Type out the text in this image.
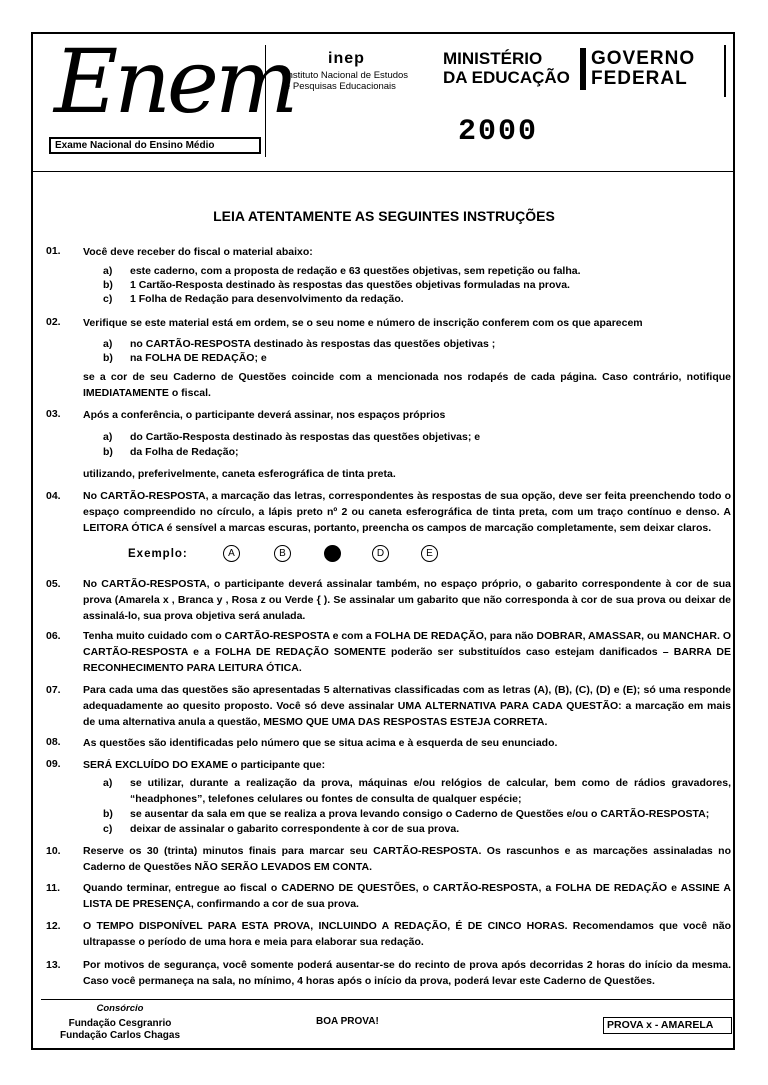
Enem
Exame Nacional do Ensino Médio
inep
Instituto Nacional de Estudos
e Pesquisas Educacionais
MINISTÉRIO
DA EDUCAÇÃO
GOVERNO
FEDERAL
2000
LEIA ATENTAMENTE AS SEGUINTES INSTRUÇÕES
01. Você deve receber do fiscal o material abaixo:
a) este caderno, com a proposta de redação e 63 questões objetivas, sem repetição ou falha.
b) 1 Cartão-Resposta destinado às respostas das questões objetivas formuladas na prova.
c) 1 Folha de Redação para desenvolvimento da redação.
02. Verifique se este material está em ordem, se o seu nome e número de inscrição conferem com os que aparecem
a) no CARTÃO-RESPOSTA destinado às respostas das questões objetivas ;
b) na FOLHA DE REDAÇÃO; e
se a cor de seu Caderno de Questões coincide com a mencionada nos rodapés de cada página. Caso contrário, notifique IMEDIATAMENTE o fiscal.
03. Após a conferência, o participante deverá assinar, nos espaços próprios
a) do Cartão-Resposta destinado às respostas das questões objetivas; e
b) da Folha de Redação;
utilizando, preferivelmente, caneta esferográfica de tinta preta.
04. No CARTÃO-RESPOSTA, a marcação das letras, correspondentes às respostas de sua opção, deve ser feita preenchendo todo o espaço compreendido no círculo, a lápis preto nº 2 ou caneta esferográfica de tinta preta, com um traço contínuo e denso. A LEITORA ÓTICA é sensível a marcas escuras, portanto, preencha os campos de marcação completamente, sem deixar claros.
Exemplo:	A	B	D	E
05. No CARTÃO-RESPOSTA, o participante deverá assinalar também, no espaço próprio, o gabarito correspondente à cor de sua prova (Amarela x , Branca y , Rosa z ou Verde { ). Se assinalar um gabarito que não corresponda à cor de sua prova ou deixar de assinalá-lo, sua prova objetiva será anulada.
06. Tenha muito cuidado com o CARTÃO-RESPOSTA e com a FOLHA DE REDAÇÃO, para não DOBRAR, AMASSAR, ou MANCHAR. O CARTÃO-RESPOSTA e a FOLHA DE REDAÇÃO SOMENTE poderão ser substituídos caso estejam danificados – BARRA DE RECONHECIMENTO PARA LEITURA ÓTICA.
07. Para cada uma das questões são apresentadas 5 alternativas classificadas com as letras (A), (B), (C), (D) e (E); só uma responde adequadamente ao quesito proposto. Você só deve assinalar UMA ALTERNATIVA PARA CADA QUESTÃO: a marcação em mais de uma alternativa anula a questão, MESMO QUE UMA DAS RESPOSTAS ESTEJA CORRETA.
08. As questões são identificadas pelo número que se situa acima e à esquerda de seu enunciado.
09. SERÁ EXCLUÍDO DO EXAME o participante que:
a) se utilizar, durante a realização da prova, máquinas e/ou relógios de calcular, bem como de rádios gravadores, “headphones”, telefones celulares ou fontes de consulta de qualquer espécie;
b) se ausentar da sala em que se realiza a prova levando consigo o Caderno de Questões e/ou o CARTÃO-RESPOSTA;
c) deixar de assinalar o gabarito correspondente à cor de sua prova.
10. Reserve os 30 (trinta) minutos finais para marcar seu CARTÃO-RESPOSTA. Os rascunhos e as marcações assinaladas no Caderno de Questões NÃO SERÃO LEVADOS EM CONTA.
11. Quando terminar, entregue ao fiscal o CADERNO DE QUESTÕES, o CARTÃO-RESPOSTA, a FOLHA DE REDAÇÃO e ASSINE A LISTA DE PRESENÇA, confirmando a cor de sua prova.
12. O TEMPO DISPONÍVEL PARA ESTA PROVA, INCLUINDO A REDAÇÃO, É DE CINCO HORAS. Recomendamos que você não ultrapasse o período de uma hora e meia para elaborar sua redação.
13. Por motivos de segurança, você somente poderá ausentar-se do recinto de prova após decorridas 2 horas do início da mesma. Caso você permaneça na sala, no mínimo, 4 horas após o início da prova, poderá levar este Caderno de Questões.
Consórcio
Fundação Cesgranrio
Fundação Carlos Chagas
BOA PROVA!	PROVA x - AMARELA
